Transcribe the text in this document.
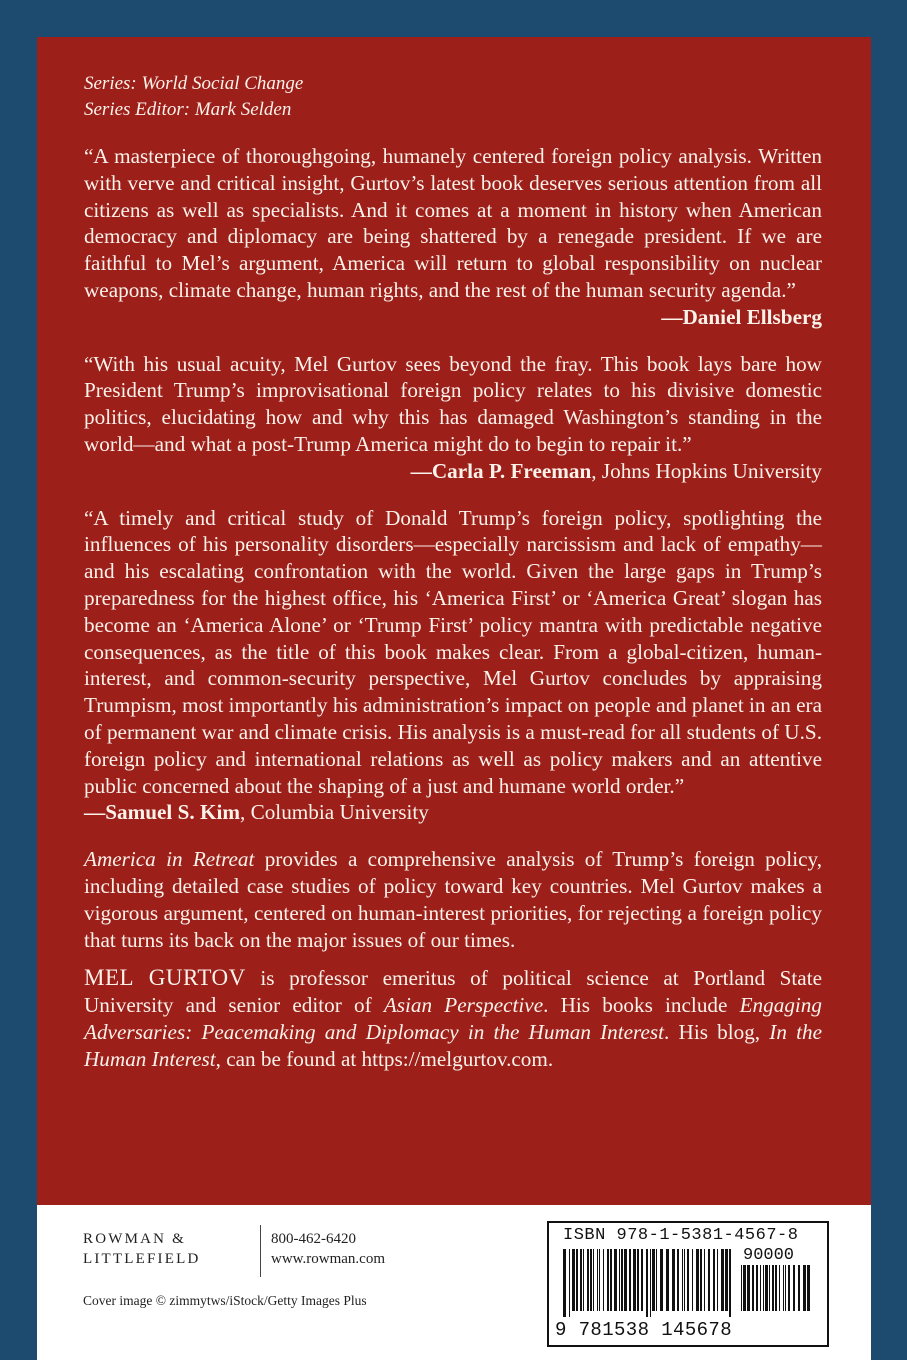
Series: World Social Change
Series Editor: Mark Selden
“A masterpiece of thoroughgoing, humanely centered foreign policy analysis. Written with verve and critical insight, Gurtov’s latest book deserves serious attention from all citizens as well as specialists. And it comes at a moment in history when American democracy and diplomacy are being shattered by a renegade president. If we are faithful to Mel’s argument, America will return to global responsibility on nuclear weapons, climate change, human rights, and the rest of the human security agenda.”
—Daniel Ellsberg
“With his usual acuity, Mel Gurtov sees beyond the fray. This book lays bare how President Trump’s improvisational foreign policy relates to his divisive domestic politics, elucidating how and why this has damaged Washington’s standing in the world—and what a post-Trump America might do to begin to repair it.”
—Carla P. Freeman, Johns Hopkins University

“A timely and critical study of Donald Trump’s foreign policy, spotlighting the influences of his personality disorders—especially narcissism and lack of empathy—and his escalating confrontation with the world. Given the large gaps in Trump’s preparedness for the highest office, his ‘America First’ or ‘America Great’ slogan has become an ‘America Alone’ or ‘Trump First’ policy mantra with predictable negative consequences, as the title of this book makes clear. From a global-citizen, human-interest, and common-security perspective, Mel Gurtov concludes by appraising Trumpism, most importantly his administration’s impact on people and planet in an era of permanent war and climate crisis. His analysis is a must-read for all students of U.S. foreign policy and international relations as well as policy makers and an attentive public concerned about the shaping of a just and humane world order.”

—Samuel S. Kim, Columbia University
America in Retreat provides a comprehensive analysis of Trump’s foreign policy, including detailed case studies of policy toward key countries. Mel Gurtov makes a vigorous argument, centered on human-interest priorities, for rejecting a foreign policy that turns its back on the major issues of our times.
MEL GURTOV is professor emeritus of political science at Portland State University and senior editor of Asian Perspective. His books include Engaging Adversaries: Peacemaking and Diplomacy in the Human Interest. His blog, In the Human Interest, can be found at https://melgurtov.com.
ROWMAN &
LITTLEFIELD
800-462-6420
www.rowman.com
Cover image © zimmytws/iStock/Getty Images Plus
ISBN 978-1-5381-4567-8
90000
9 781538 145678
